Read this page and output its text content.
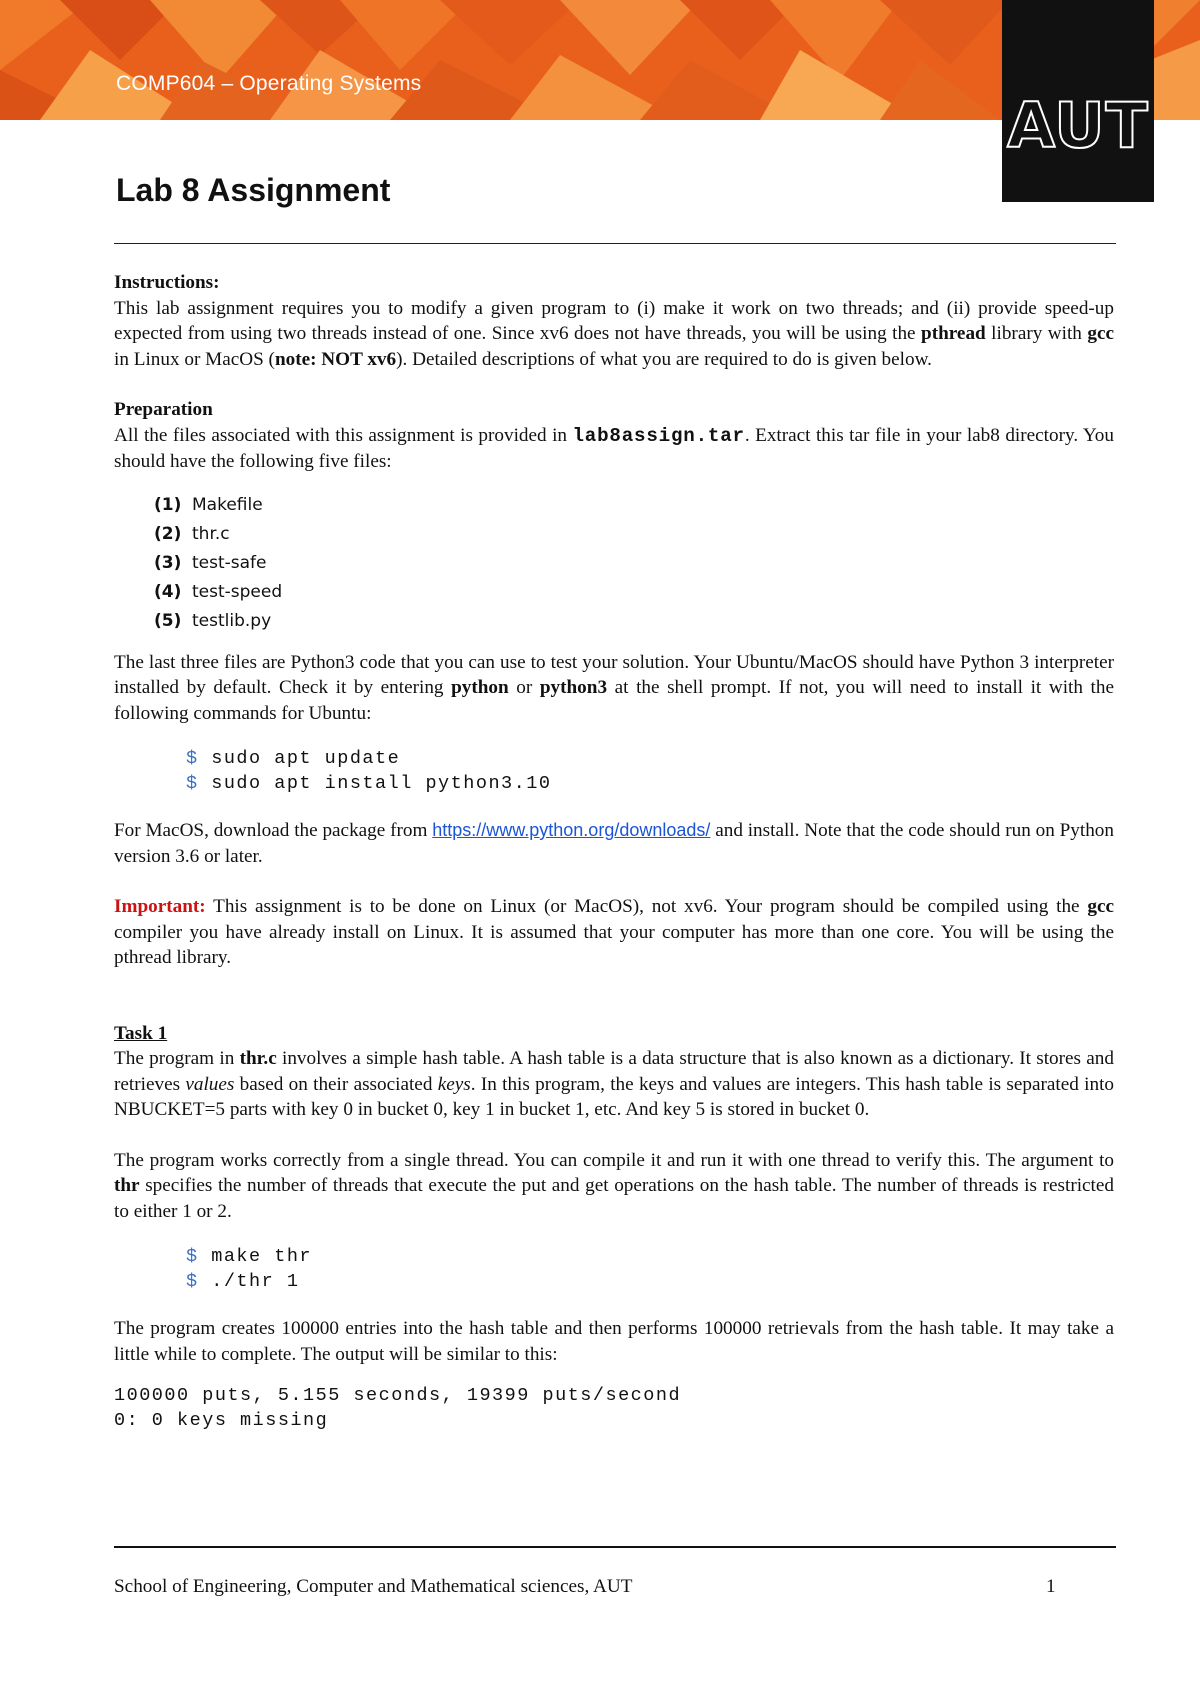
COMP604 – Operating Systems
AUT
Lab 8 Assignment

Instructions:

This lab assignment requires you to modify a given program to (i) make it work on two threads; and (ii) provide speed-up expected from using two threads instead of one. Since xv6 does not have threads, you will be using the pthread library with gcc in Linux or MacOS (note: NOT xv6). Detailed descriptions of what you are required to do is given below.

Preparation

All the files associated with this assignment is provided in lab8assign.tar. Extract this tar file in your lab8 directory. You should have the following five files:

(1) Makefile
(2) thr.c
(3) test-safe
(4) test-speed
(5) testlib.py

The last three files are Python3 code that you can use to test your solution. Your Ubuntu/MacOS should have Python 3 interpreter installed by default. Check it by entering python or python3 at the shell prompt. If not, you will need to install it with the following commands for Ubuntu:

$ sudo apt update
$ sudo apt install python3.10

For MacOS, download the package from https://www.python.org/downloads/ and install. Note that the code should run on Python version 3.6 or later.

Important: This assignment is to be done on Linux (or MacOS), not xv6. Your program should be compiled using the gcc compiler you have already install on Linux. It is assumed that your computer has more than one core. You will be using the pthread library.

Task 1

The program in thr.c involves a simple hash table. A hash table is a data structure that is also known as a dictionary. It stores and retrieves values based on their associated keys. In this program, the keys and values are integers. This hash table is separated into NBUCKET=5 parts with key 0 in bucket 0, key 1 in bucket 1, etc. And key 5 is stored in bucket 0.

The program works correctly from a single thread. You can compile it and run it with one thread to verify this. The argument to thr specifies the number of threads that execute the put and get operations on the hash table. The number of threads is restricted to either 1 or 2.

$ make thr
$ ./thr 1

The program creates 100000 entries into the hash table and then performs 100000 retrievals from the hash table. It may take a little while to complete. The output will be similar to this:

100000 puts, 5.155 seconds, 19399 puts/second
0: 0 keys missing
School of Engineering, Computer and Mathematical sciences, AUT	1
